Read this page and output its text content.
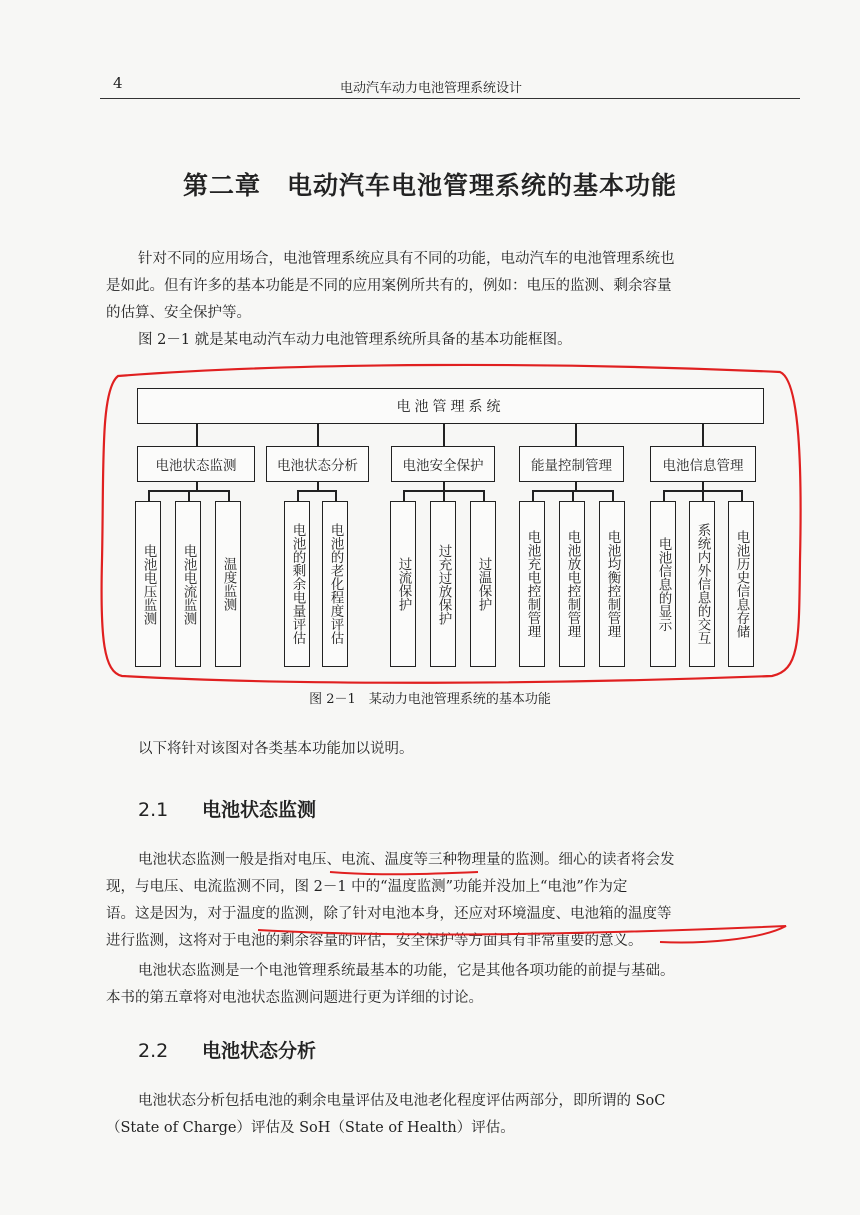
4	电动汽车动力电池管理系统设计
第二章　电动汽车电池管理系统的基本功能
针对不同的应用场合，电池管理系统应具有不同的功能，电动汽车的电池管理系统也
是如此。但有许多的基本功能是不同的应用案例所共有的，例如：电压的监测、剩余容量
的估算、安全保护等。
图 2－1 就是某电动汽车动力电池管理系统所具备的基本功能框图。
电池管理系统
电池状态监测	电池状态分析	电池安全保护	能量控制管理	电池信息管理
电池电压监测 电池电流监测 温度监测	电池的剩余电量评估 电池的老化程度评估	过流保护 过充过放保护 过温保护 电池充电控制管理 电池放电控制管理 电池均衡控制管理	电池信息的显示 系统内外信息的交互 电池历史信息存储
图 2－1　某动力电池管理系统的基本功能
以下将针对该图对各类基本功能加以说明。
2.1 电池状态监测
电池状态监测一般是指对电压、电流、温度等三种物理量的监测。细心的读者将会发
现，与电压、电流监测不同，图 2－1 中的“温度监测”功能并没加上“电池”作为定
语。这是因为，对于温度的监测，除了针对电池本身，还应对环境温度、电池箱的温度等
进行监测，这将对于电池的剩余容量的评估，安全保护等方面具有非常重要的意义。
电池状态监测是一个电池管理系统最基本的功能，它是其他各项功能的前提与基础。
本书的第五章将对电池状态监测问题进行更为详细的讨论。
2.2 电池状态分析
电池状态分析包括电池的剩余电量评估及电池老化程度评估两部分，即所谓的 SoC
（State of Charge）评估及 SoH（State of Health）评估。
